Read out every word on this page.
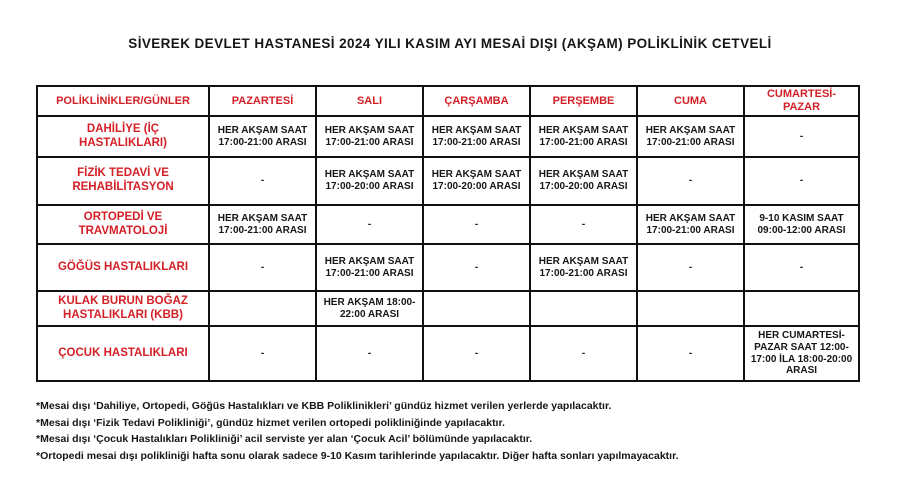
SİVEREK DEVLET HASTANESİ 2024 YILI KASIM AYI MESAİ DIŞI (AKŞAM) POLİKLİNİK CETVELİ
POLİKLİNİKLER/GÜNLER	PAZARTESİ	SALI	ÇARŞAMBA	PERŞEMBE	CUMA	CUMARTESİ-PAZAR
DAHİLİYE (İÇ HASTALIKLARI)	HER AKŞAM SAAT 17:00-21:00 ARASI	HER AKŞAM SAAT 17:00-21:00 ARASI	HER AKŞAM SAAT 17:00-21:00 ARASI	HER AKŞAM SAAT 17:00-21:00 ARASI	HER AKŞAM SAAT 17:00-21:00 ARASI	-
FİZİK TEDAVİ VE REHABİLİTASYON	-	HER AKŞAM SAAT 17:00-20:00 ARASI	HER AKŞAM SAAT 17:00-20:00 ARASI	HER AKŞAM SAAT 17:00-20:00 ARASI	-	-
ORTOPEDİ VE TRAVMATOLOJİ	HER AKŞAM SAAT 17:00-21:00 ARASI	-	-	-	HER AKŞAM SAAT 17:00-21:00 ARASI	9-10 KASIM SAAT 09:00-12:00 ARASI
GÖĞÜS HASTALIKLARI	-	HER AKŞAM SAAT 17:00-21:00 ARASI	-	HER AKŞAM SAAT 17:00-21:00 ARASI	-	-
KULAK BURUN BOĞAZ HASTALIKLARI (KBB)		HER AKŞAM 18:00-22:00 ARASI				
ÇOCUK HASTALIKLARI	-	-	-	-	-	HER CUMARTESİ-PAZAR SAAT 12:00-17:00 İLA 18:00-20:00 ARASI

*Mesai dışı ‘Dahiliye, Ortopedi, Göğüs Hastalıkları ve KBB Poliklinikleri’ gündüz hizmet verilen yerlerde yapılacaktır.

*Mesai dışı ‘Fizik Tedavi Polikliniği’, gündüz hizmet verilen ortopedi polikliniğinde yapılacaktır.

*Mesai dışı ‘Çocuk Hastalıkları Polikliniği’ acil serviste yer alan ‘Çocuk Acil’ bölümünde yapılacaktır.

*Ortopedi mesai dışı polikliniği hafta sonu olarak sadece 9-10 Kasım tarihlerinde yapılacaktır. Diğer hafta sonları yapılmayacaktır.
